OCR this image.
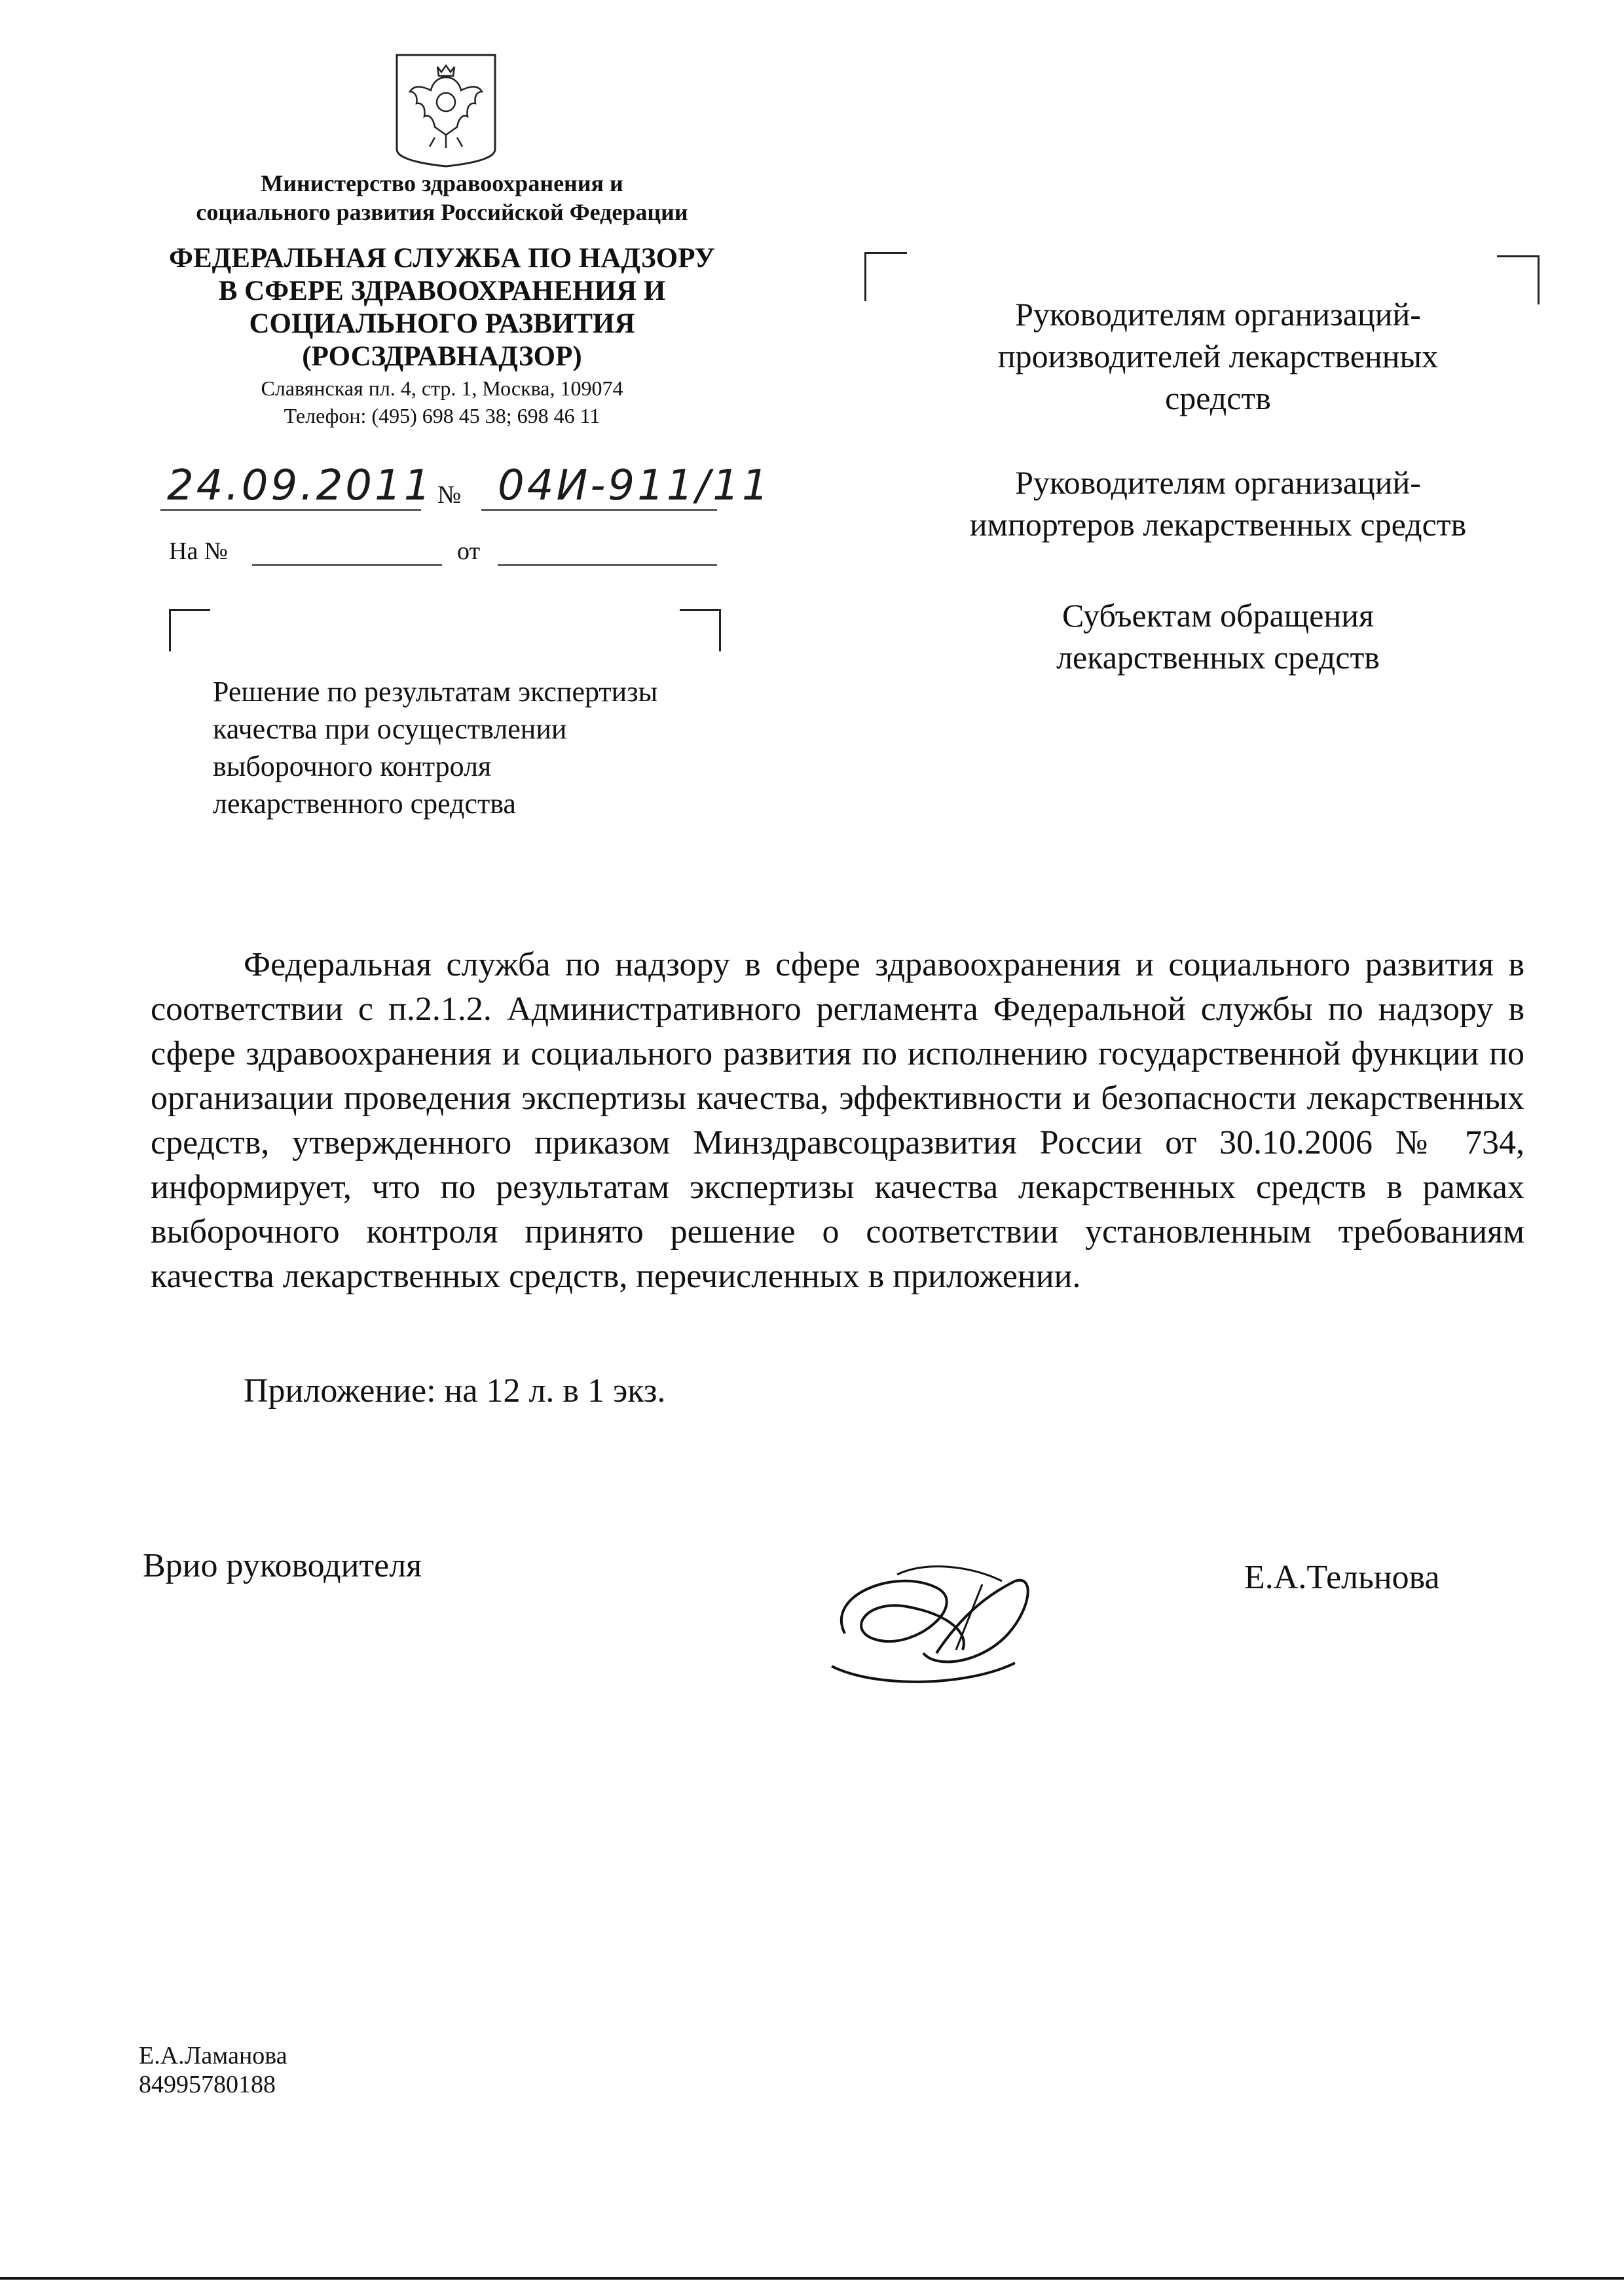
Министерство здравоохранения и
социального развития Российской Федерации
ФЕДЕРАЛЬНАЯ СЛУЖБА ПО НАДЗОРУ
В СФЕРЕ ЗДРАВООХРАНЕНИЯ И
СОЦИАЛЬНОГО РАЗВИТИЯ
(РОСЗДРАВНАДЗОР)
Славянская пл. 4, стр. 1, Москва, 109074
Телефон: (495) 698 45 38; 698 46 11
24.09.2011 № 04И-911/11
На №	от
Решение по результатам экспертизы
качества при осуществлении
выборочного контроля
лекарственного средства
Руководителям организаций-
производителей лекарственных
средств
Руководителям организаций-
импортеров лекарственных средств
Субъектам обращения
лекарственных средств

Федеральная служба по надзору в сфере здравоохранения и социального развития в соответствии с п.2.1.2. Административного регламента Федеральной службы по надзору в сфере здравоохранения и социального развития по исполнению государственной функции по организации проведения экспертизы качества, эффективности и безопасности лекарственных средств, утвержденного приказом Минздравсоцразвития России от 30.10.2006 № 734, информирует, что по результатам экспертизы качества лекарственных средств в рамках выборочного контроля принято решение о соответствии установленным требованиям качества лекарственных средств, перечисленных в приложении.

Приложение: на 12 л. в 1 экз.
Врио руководителя	Е.А.Тельнова
Е.А.Ламанова
84995780188
